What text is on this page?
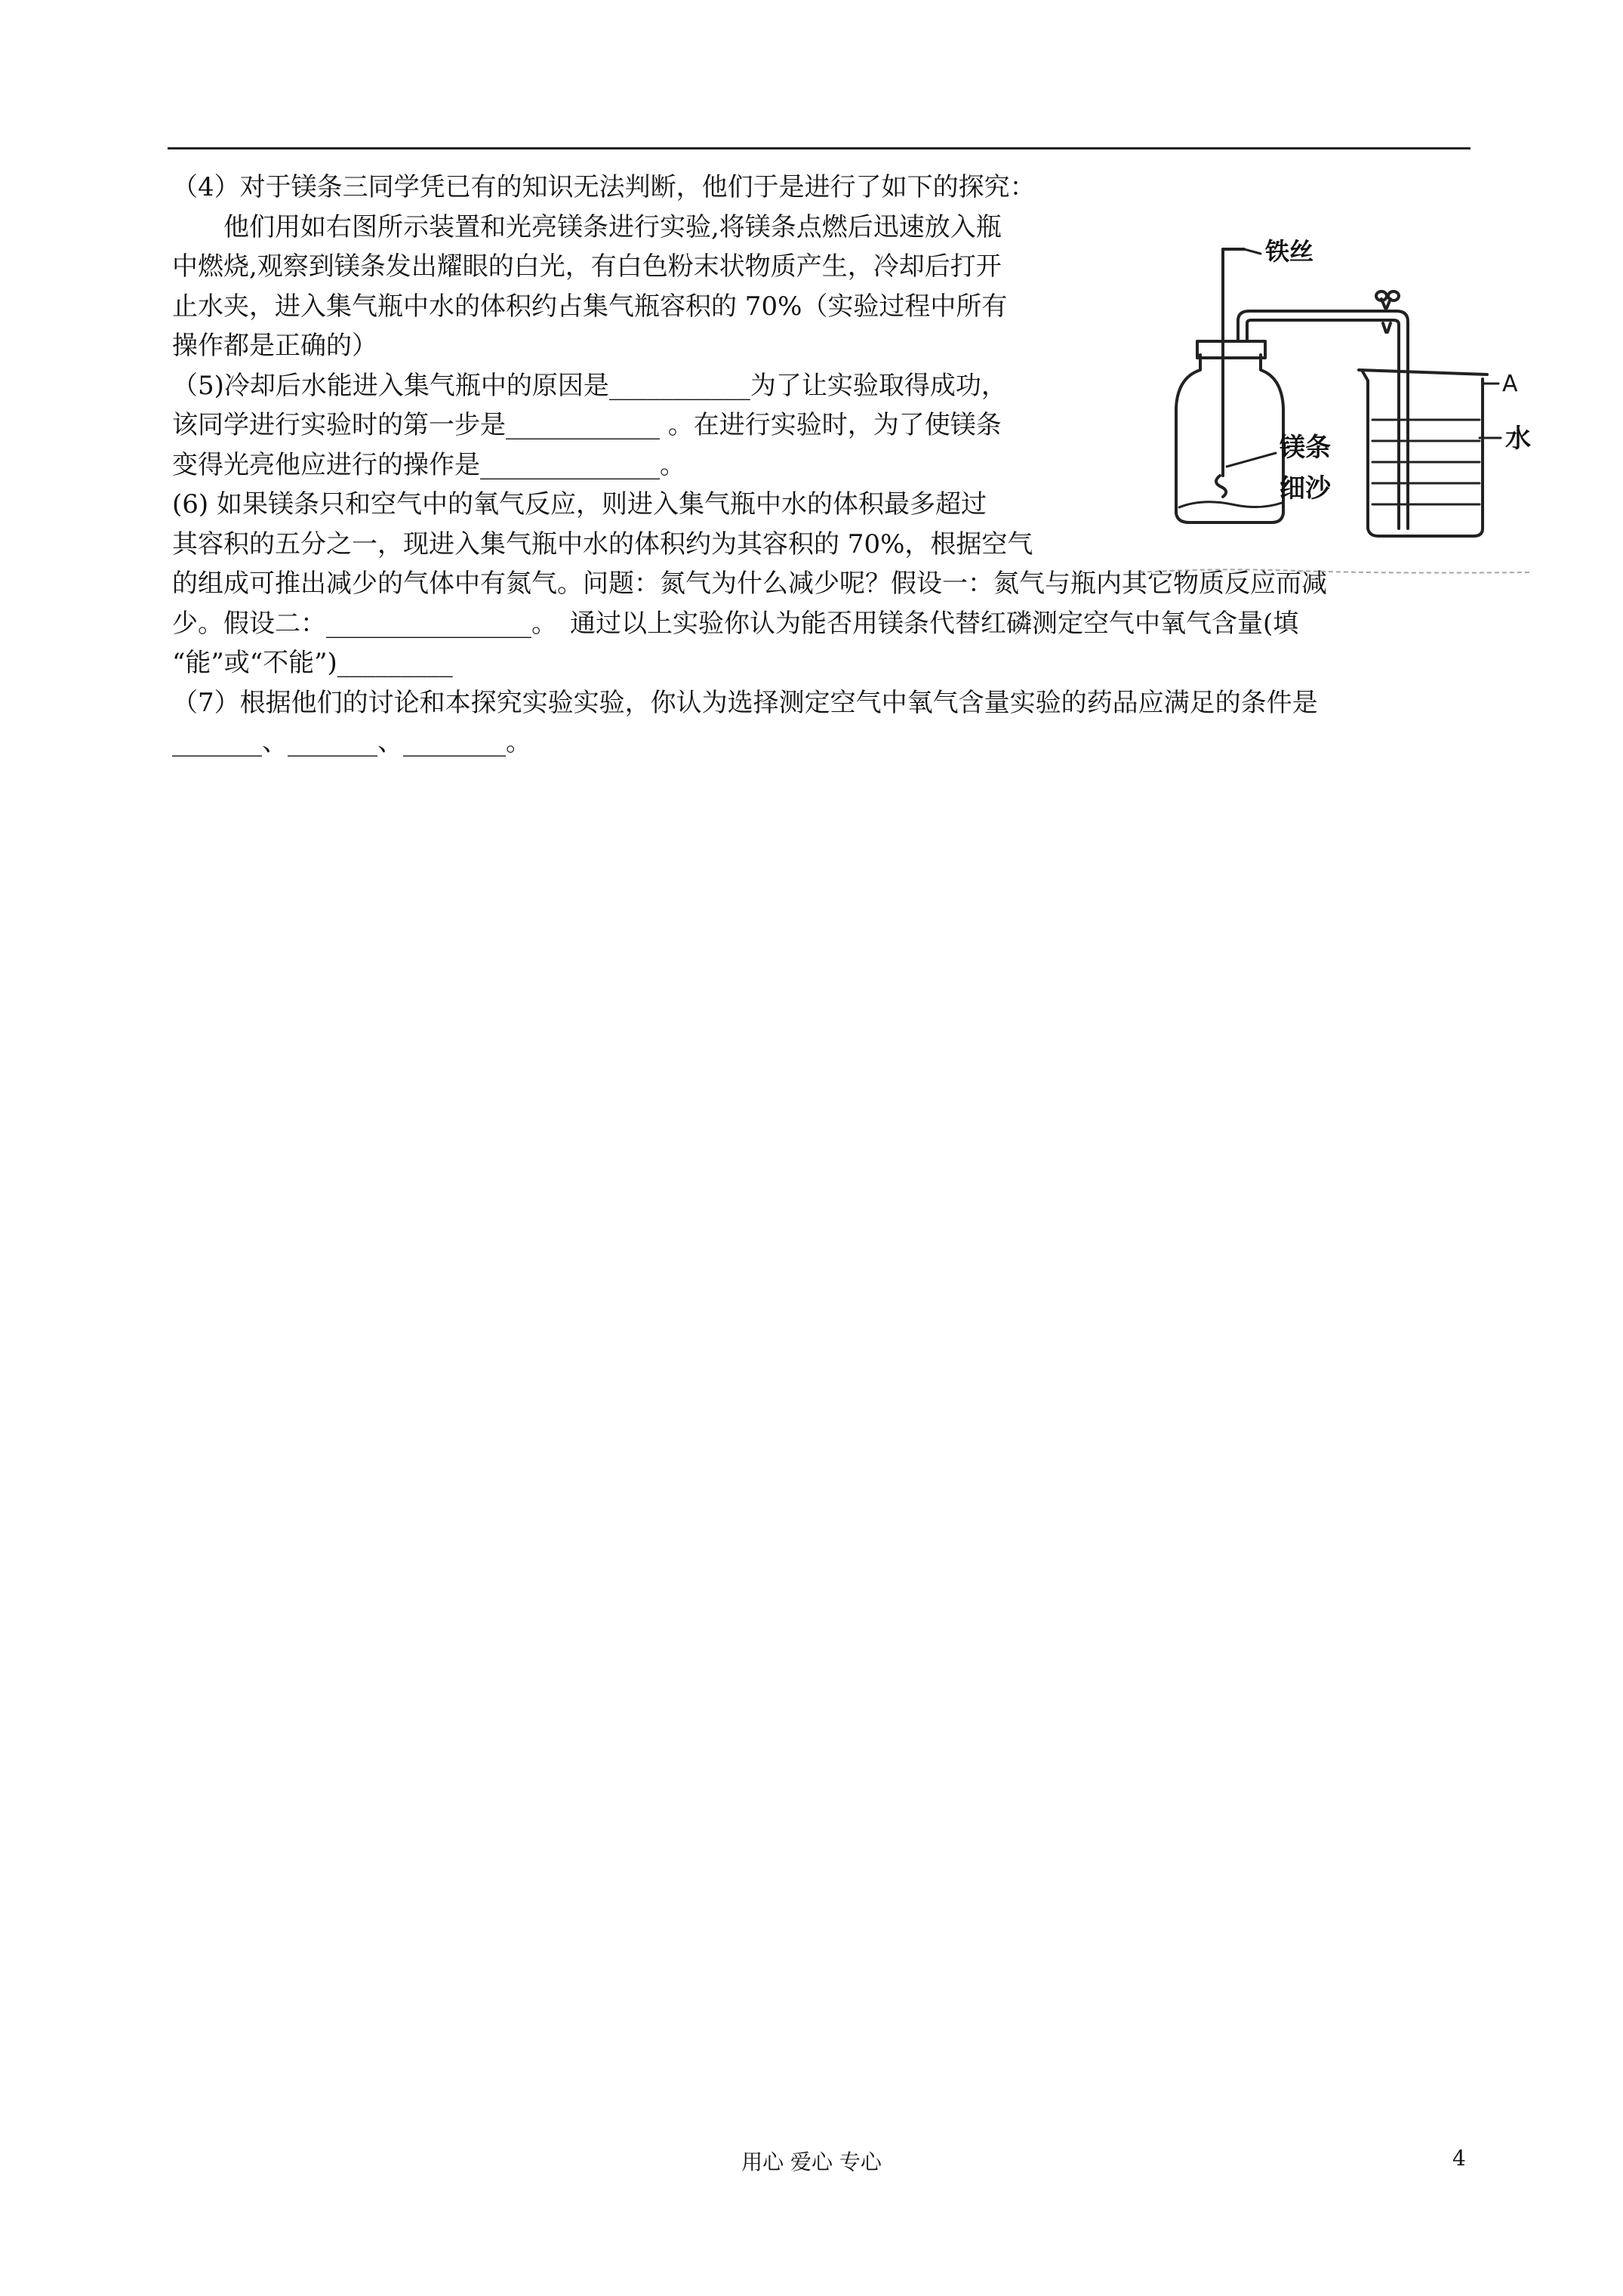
（4）对于镁条三同学凭已有的知识无法判断，他们于是进行了如下的探究：
他们用如右图所示装置和光亮镁条进行实验,将镁条点燃后迅速放入瓶
中燃烧,观察到镁条发出耀眼的白光，有白色粉末状物质产生，冷却后打开
止水夹，进入集气瓶中水的体积约占集气瓶容积的 70%（实验过程中所有
操作都是正确的）
（5)冷却后水能进入集气瓶中的原因是___________为了让实验取得成功，
该同学进行实验时的第一步是____________ 。在进行实验时，为了使镁条
变得光亮他应进行的操作是______________。
(6) 如果镁条只和空气中的氧气反应，则进入集气瓶中水的体积最多超过
其容积的五分之一，现进入集气瓶中水的体积约为其容积的 70%，根据空气
的组成可推出减少的气体中有氮气。问题：氮气为什么减少呢？假设一：氮气与瓶内其它物质反应而减
少。假设二：________________。　通过以上实验你认为能否用镁条代替红磷测定空气中氧气含量(填
“能”或“不能”)_________
（7）根据他们的讨论和本探究实验实验，你认为选择测定空气中氧气含量实验的药品应满足的条件是
_______、_______、________。
铁丝
A
镁条	水
细沙
用心 爱心 专心	4
